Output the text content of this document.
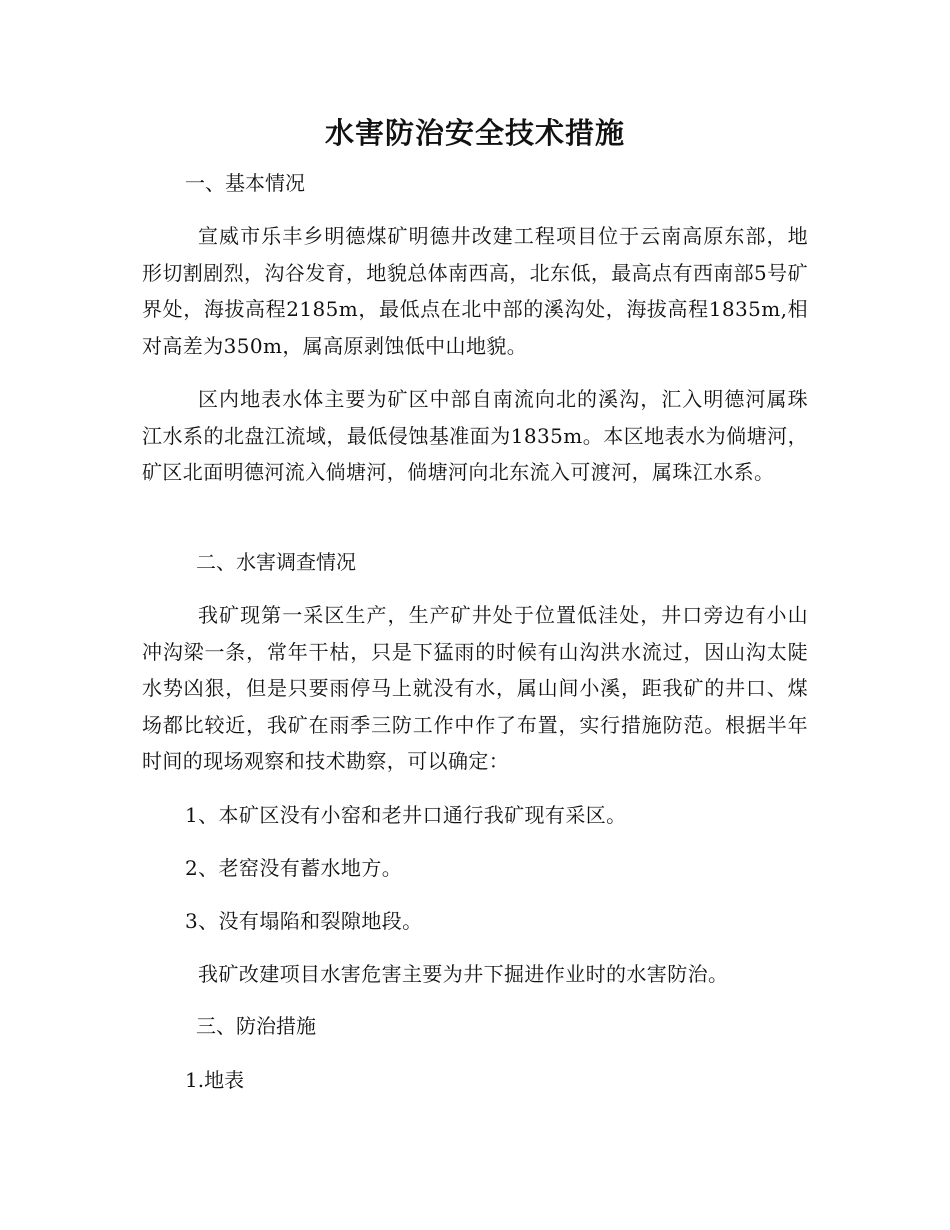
水害防治安全技术措施

一、基本情况

宣威市乐丰乡明德煤矿明德井改建工程项目位于云南高原东部，地形切割剧烈，沟谷发育，地貌总体南西高，北东低，最高点有西南部5号矿界处，海拔高程2185m，最低点在北中部的溪沟处，海拔高程1835m,相对高差为350m，属高原剥蚀低中山地貌。

区内地表水体主要为矿区中部自南流向北的溪沟，汇入明德河属珠江水系的北盘江流域，最低侵蚀基准面为1835m。本区地表水为倘塘河，矿区北面明德河流入倘塘河，倘塘河向北东流入可渡河，属珠江水系。

二、水害调查情况

我矿现第一采区生产，生产矿井处于位置低洼处，井口旁边有小山冲沟梁一条，常年干枯，只是下猛雨的时候有山沟洪水流过，因山沟太陡水势凶狠，但是只要雨停马上就没有水，属山间小溪，距我矿的井口、煤场都比较近，我矿在雨季三防工作中作了布置，实行措施防范。根据半年时间的现场观察和技术勘察，可以确定：

1、本矿区没有小窑和老井口通行我矿现有采区。

2、老窑没有蓄水地方。

3、没有塌陷和裂隙地段。

我矿改建项目水害危害主要为井下掘进作业时的水害防治。

三、防治措施

1.地表
